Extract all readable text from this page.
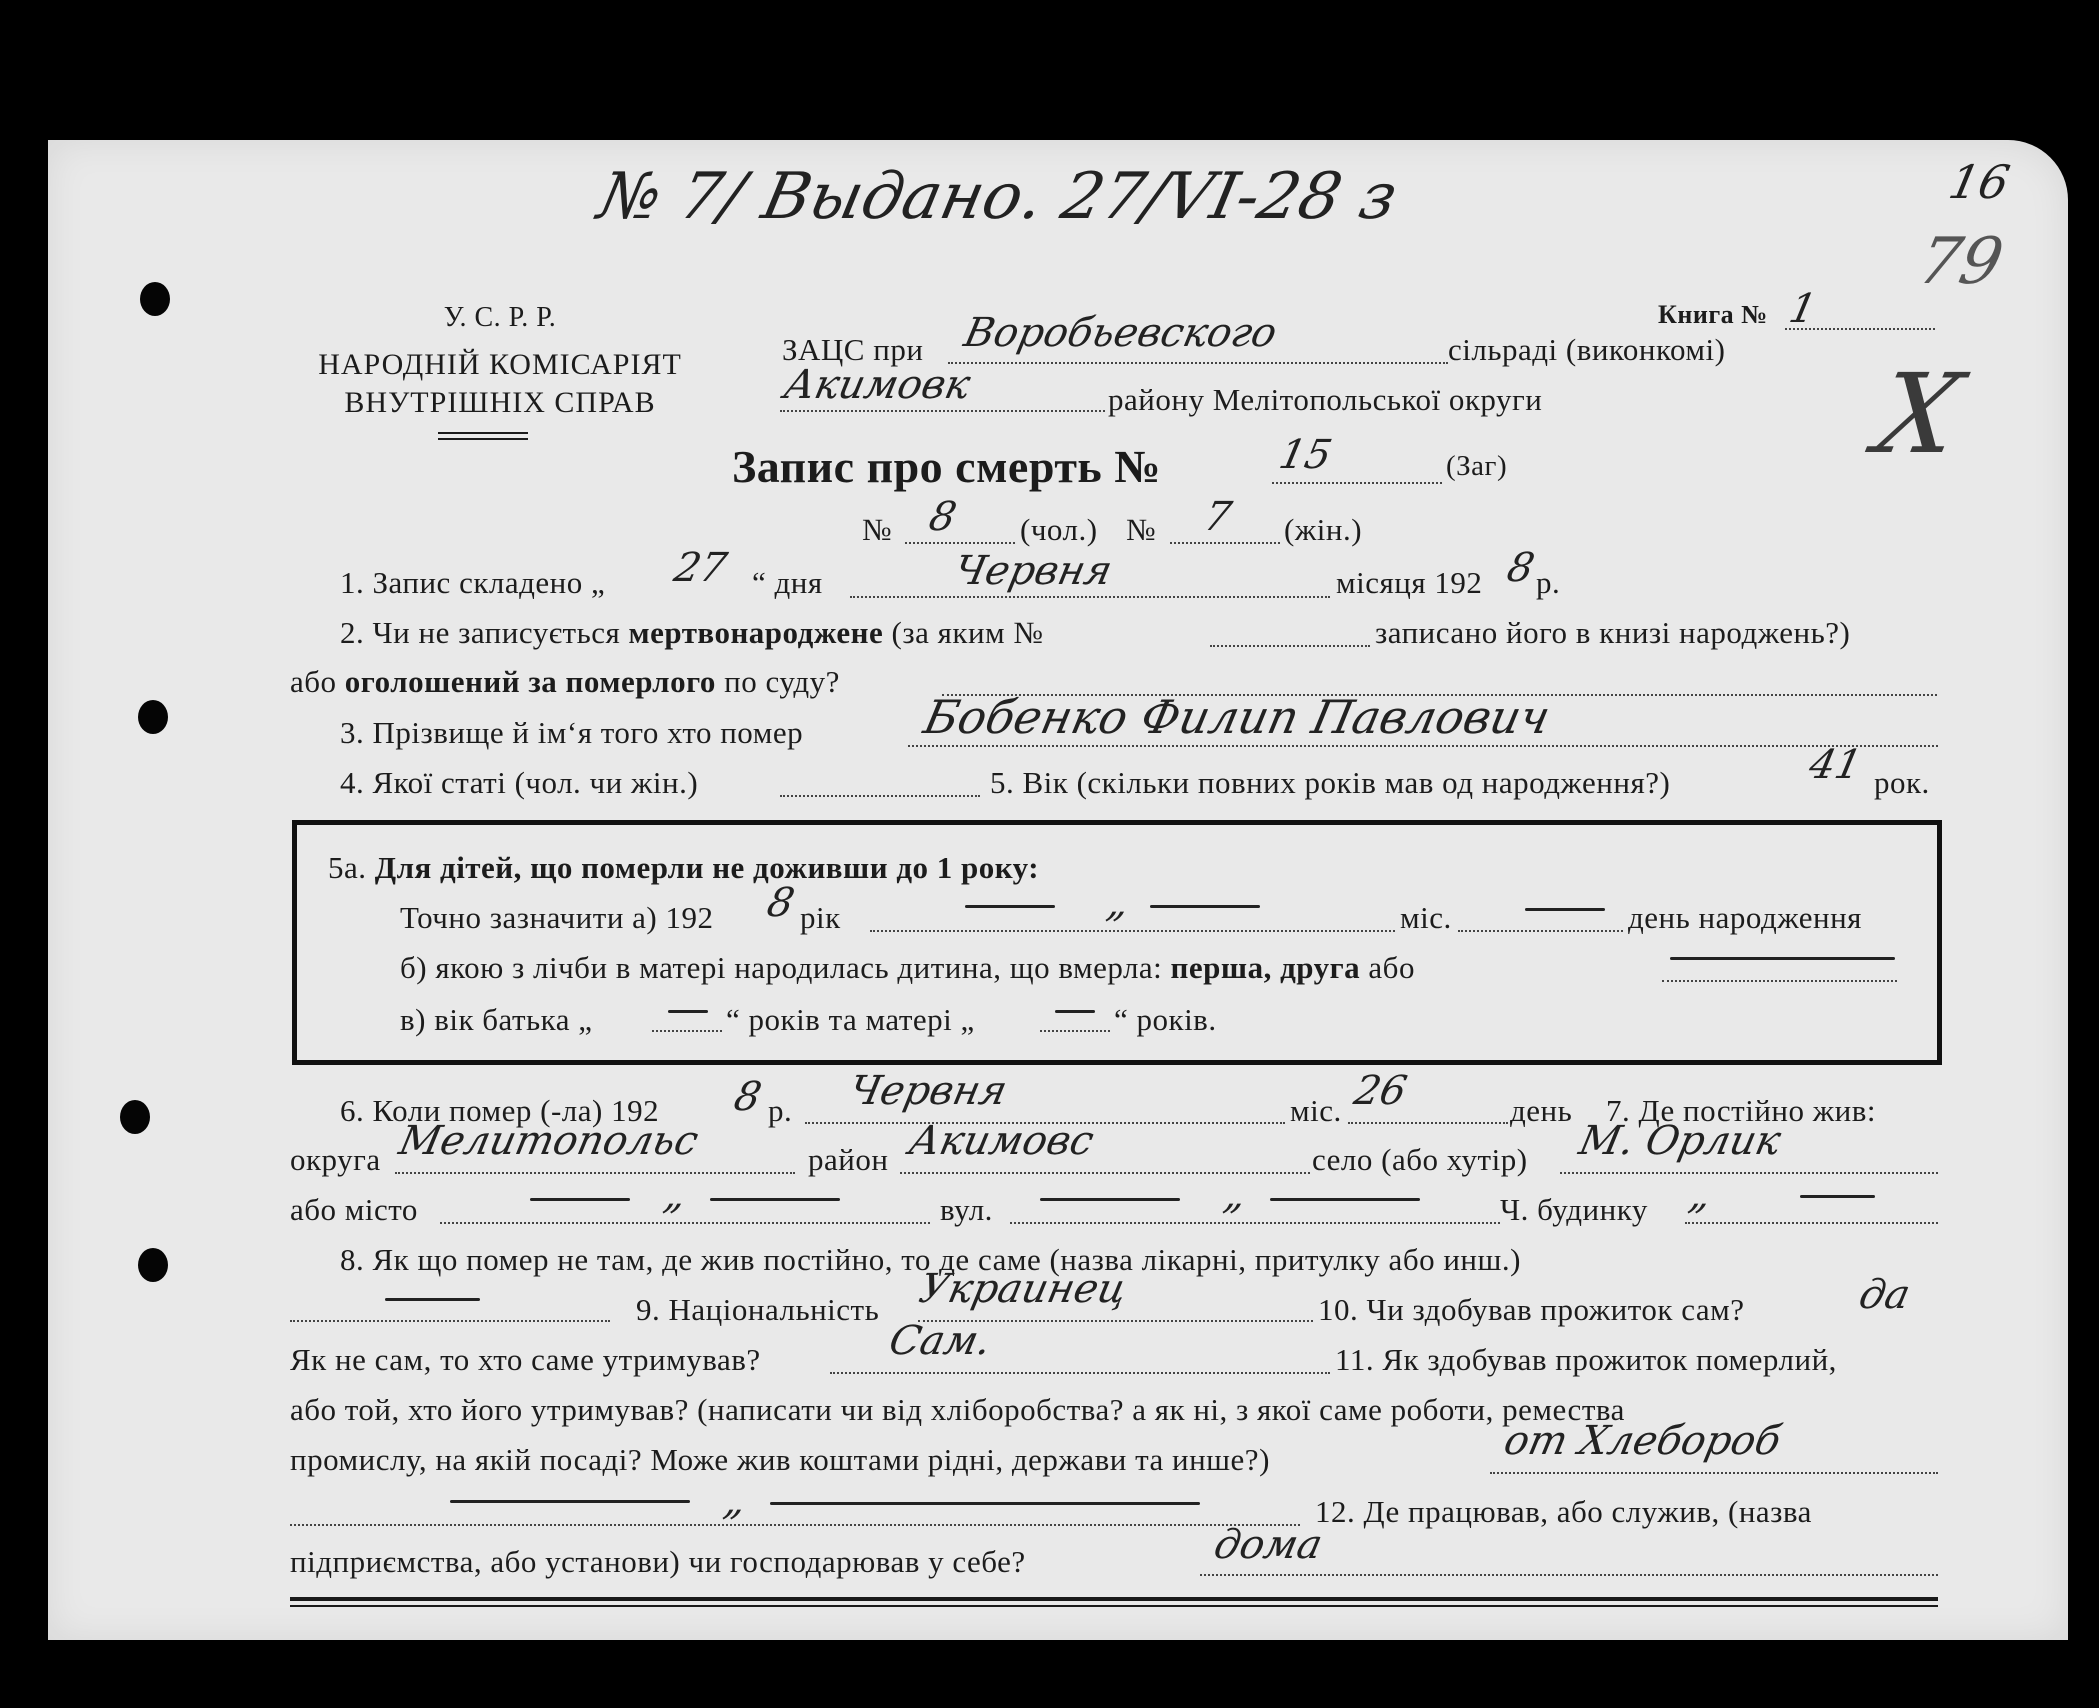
№ 7/ Выдано. 27/VI-28 з	16
79
X
У. С. Р. Р.
НАРОДНІЙ КОМІСАРІЯТ
ВНУТРІШНІХ СПРАВ
Книга № 1
ЗАЦС при Воробьевского	сільраді (виконкомі)
Акимовк	району Мелітопольської округи
Запис про смерть №	15	(Заг)
№ 8 (чол.) № 7 (жін.)
1. Запис складено „ 27 “ дня	Червня	місяця 192 8
р.
2. Чи не записується мертвонароджене (за яким №	записано його в книзі народжень?)
або оголошений за померлого по суду?
3. Прізвище й ім‘я того хто помер	Бобенко Филип Павлович
4. Якої статі (чол. чи жін.)	5. Вік (скільки повних років мав од народження?)	41 рок.
5а. Для дітей, що померли не доживши до 1 року:
Точно зазначити а) 192 8 рік	„	міс.	день народження
б) якою з лічби в матері народилась дитина, що вмерла: перша, друга або
в) вік батька „	“ років та матері „	“ років.
6. Коли помер (-ла) 192 8 р. Червня	міс. 26	день 7. Де постійно жив:
округа Мелитопольс	район Акимовс	село (або хутір) М. Орлик
або місто	„	вул.	„	Ч. будинку „
8. Як що помер не там, де жив постійно, то де саме (назва лікарні, притулку або инш.)
9. Національність Украинец	10. Чи здобував прожиток сам?	да
Як не сам, то хто саме утримував?	Сам.	11. Як здобував прожиток померлий,
або той, хто його утримував? (написати чи від хліборобства? а як ні, з якої саме роботи, ремества
промислу, на якій посаді? Може жив коштами рідні, держави та инше?)	от Хлебороб
„	12. Де працював, або служив, (назва
підприємства, або установи) чи господарював у себе?	дома
